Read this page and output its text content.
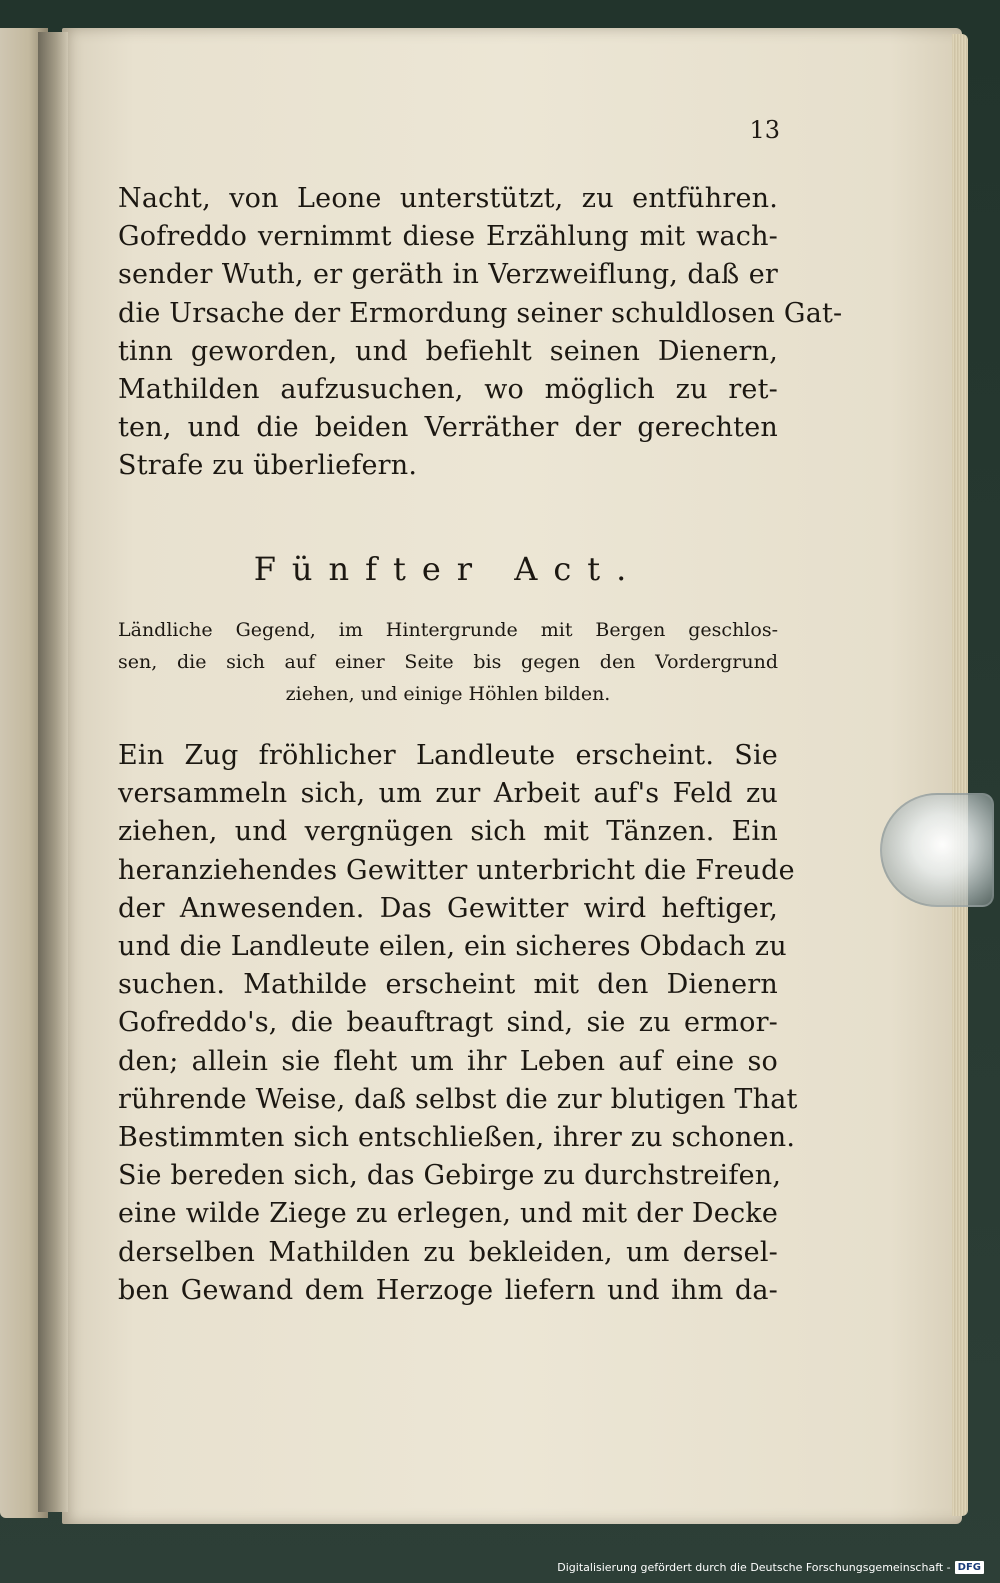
13
Nacht, von Leone unterstützt, zu entführen.
Gofreddo vernimmt diese Erzählung mit wach-
sender Wuth, er geräth in Verzweiflung, daß er
die Ursache der Ermordung seiner schuldlosen Gat-
tinn geworden, und befiehlt seinen Dienern,
Mathilden aufzusuchen, wo möglich zu ret-
ten, und die beiden Verräther der gerechten
Strafe zu überliefern.
Fünfter Act.
Ländliche Gegend, im Hintergrunde mit Bergen geschlos-
sen, die sich auf einer Seite bis gegen den Vordergrund
ziehen, und einige Höhlen bilden.
Ein Zug fröhlicher Landleute erscheint. Sie
versammeln sich, um zur Arbeit auf's Feld zu
ziehen, und vergnügen sich mit Tänzen. Ein
heranziehendes Gewitter unterbricht die Freude
der Anwesenden. Das Gewitter wird heftiger,
und die Landleute eilen, ein sicheres Obdach zu
suchen. Mathilde erscheint mit den Dienern
Gofreddo's, die beauftragt sind, sie zu ermor-
den; allein sie fleht um ihr Leben auf eine so
rührende Weise, daß selbst die zur blutigen That
Bestimmten sich entschließen, ihrer zu schonen.
Sie bereden sich, das Gebirge zu durchstreifen,
eine wilde Ziege zu erlegen, und mit der Decke
derselben Mathilden zu bekleiden, um dersel-
ben Gewand dem Herzoge liefern und ihm da-
Digitalisierung gefördert durch die Deutsche Forschungsgemeinschaft - DFG
